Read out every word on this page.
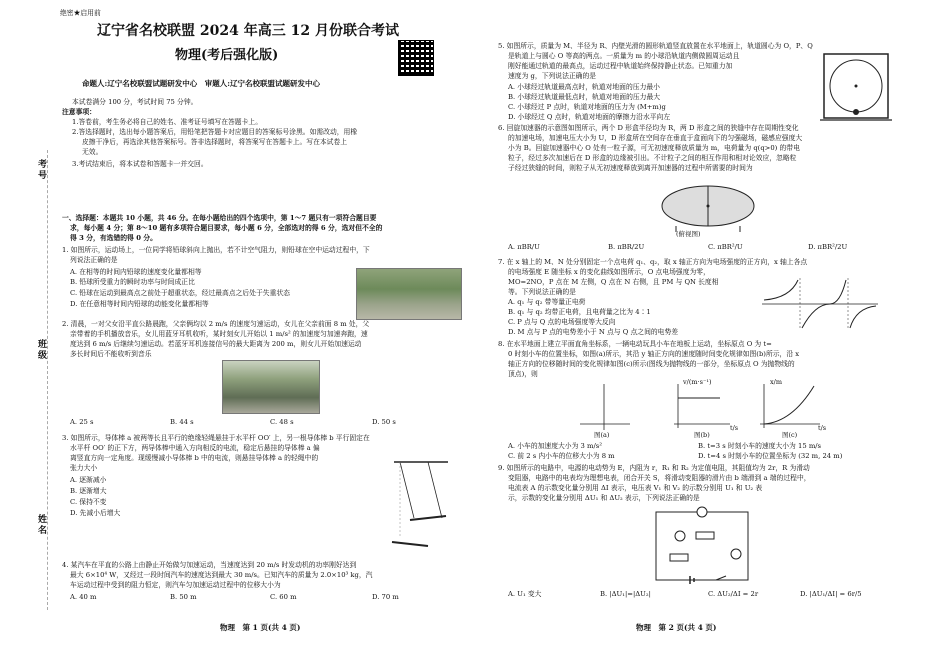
绝密★启用前
辽宁省名校联盟 2024 年高三 12 月份联合考试
物理(考后强化版)
命题人:辽宁名校联盟试题研发中心　审题人:辽宁名校联盟试题研发中心
考号
班级
姓名
本试卷满分 100 分，考试时间 75 分钟。
注意事项：
1.答卷前，考生务必将自己的姓名、准考证号填写在答题卡上。
2.答选择题时，选出每小题答案后，用铅笔把答题卡对应题目的答案标号涂黑。如需改动，用橡
皮擦干净后，再选涂其他答案标号。答非选择题时，将答案写在答题卡上。写在本试卷上
无效。
3.考试结束后，将本试卷和答题卡一并交回。
一、选择题：本题共 10 小题，共 46 分。在每小题给出的四个选项中，第 1～7 题只有一项符合题目要
求，每小题 4 分；第 8～10 题有多项符合题目要求，每小题 6 分，全部选对的得 6 分，选对但不全的
得 3 分，有选错的得 0 分。
1. 如图所示，运动场上，一位同学将铅球斜向上抛出，若不计空气阻力，则铅球在空中运动过程中，下
列说法正确的是
A. 在相等的时间内铅球的速度变化量都相等
B. 铅球所受重力的瞬时功率与时间成正比
C. 铅球在运动到最高点之前处于超重状态，经过最高点之后处于失重状态
D. 在任意相等时间内铅球的动能变化量都相等
2. 清晨，一对父女沿平直公路晨跑，父亲俩均以 2 m/s 的速度匀速运动，女儿在父亲前面 8 m 处，父
亲带着的手机播放音乐，女儿用蓝牙耳机收听，某时刻女儿开始以 1 m/s² 的加速度匀加速奔跑，速
度达到 6 m/s 后继续匀速运动。若蓝牙耳机连接信号的最大距离为 200 m，则女儿开始加速运动
多长时间后不能收听到音乐
A. 25 s	B. 44 s	C. 48 s	D. 50 s
3. 如图所示，导体棒 a 被两等长且平行的绝缘轻绳悬挂于水平杆 OO′ 上，另一根导体棒 b 平行固定在
水平杆 OO′ 的正下方，两导体棒中通入方向相反的电流，稳定后悬挂的导体棒 a 偏
离竖直方向一定角度。现缓慢减小导体棒 b 中的电流，则悬挂导体棒 a 的轻绳中的
张力大小
A. 逐渐减小
B. 逐渐增大
C. 保持不变
D. 先减小后增大
4. 某汽车在平直的公路上由静止开始做匀加速运动，当速度达到 20 m/s 时发动机的功率刚好达到
最大 6×10⁴ W，又经过一段时间汽车的速度达到最大 30 m/s。已知汽车的质量为 2.0×10³ kg，汽
车运动过程中受到的阻力恒定，则汽车匀加速运动过程中的位移大小为
A. 40 m	B. 50 m	C. 60 m	D. 70 m
物理　第 1 页(共 4 页)
5. 如图所示，质量为 M、半径为 R、内壁光滑的圆形轨道竖直放置在水平地面上，轨道圆心为 O，P、Q
是轨道上与圆心 O 等高的两点。一质量为 m 的小球沿轨道内侧做圆周运动且
刚好能通过轨道的最高点，运动过程中轨道始终保持静止状态。已知重力加
速度为 g，下列说法正确的是
A. 小球经过轨道最高点时，轨道对地面的压力最小
B. 小球经过轨道最低点时，轨道对地面的压力最大
C. 小球经过 P 点时，轨道对地面的压力为 (M+m)g
D. 小球经过 Q 点时，轨道对地面的摩擦力沿水平向左
6. 回旋加速器的示意图如图所示，两个 D 形盒半径均为 R，两 D 形盒之间的狭缝中存在周期性变化
的加速电场，加速电压大小为 U，D 形盒所在空间存在垂直于盒面向下的匀强磁场，磁感应强度大
小为 B。回旋加速器中心 O 处有一粒子源，可无初速度释放质量为 m，电荷量为 q(q>0) 的带电
粒子，经过多次加速后在 D 形盒的边缘被引出。不计粒子之间的相互作用和相对论效应，忽略粒
子经过狭缝的时间，则粒子从无初速度释放到离开加速器的过程中所需要的时间为
(俯视图)
A. πBR/U	B. πBR/2U	C. πBR²/U	D. πBR²/2U
7. 在 x 轴上的 M、N 处分别固定一个点电荷 q₁、q₂，取 x 轴正方向为电场强度的正方向，x 轴上各点
的电场强度 E 随坐标 x 的变化曲线如图所示，O 点电场强度为零，
MO=2NO，P 点在 M 左侧，Q 点在 N 右侧，且 PM 与 QN 长度相
等。下列说法正确的是
A. q₁ 与 q₂ 带等量正电荷
B. q₁ 与 q₂ 均带正电荷，且电荷量之比为 4∶1
C. P 点与 Q 点的电场强度等大反向
D. M 点与 P 点的电势差小于 N 点与 Q 点之间的电势差
8. 在水平地面上建立平面直角坐标系，一辆电动玩具小车在地板上运动，坐标原点 O 为 t=
0 时刻小车的位置坐标，如图(a)所示，其沿 y 轴正方向的速度随时间变化规律如图(b)所示，沿 x
轴正方向的位移随时间的变化规律如图(c)所示(图线为抛物线的一部分，坐标原点 O 为抛物线的
顶点)，则
v/(m·s⁻¹)	x/m
t/s	t/s
图(a)	图(b)	图(c)
A. 小车的加速度大小为 3 m/s²	B. t=3 s 时刻小车的速度大小为 15 m/s
C. 前 2 s 内小车的位移大小为 8 m	D. t=4 s 时刻小车的位置坐标为 (32 m, 24 m)
9. 如图所示的电路中，电源的电动势为 E，内阻为 r，R₁ 和 R₂ 为定值电阻，其阻值均为 2r，R 为滑动
变阻器，电路中的电表均为理想电表，闭合开关 S，将滑动变阻器的滑片由 b 端滑到 a 端的过程中，
电流表 A 的示数变化量分别用 ΔI 表示，电压表 V₁ 和 V₂ 的示数分别用 U₁ 和 U₂ 表
示，示数的变化量分别用 ΔU₁ 和 ΔU₂ 表示，下列说法正确的是
A. U₁ 变大	B. |ΔU₁|=|ΔU₂|	C. ΔU₂/ΔI = 2r	D. |ΔU₁/ΔI| = 6r/5
物理　第 2 页(共 4 页)
